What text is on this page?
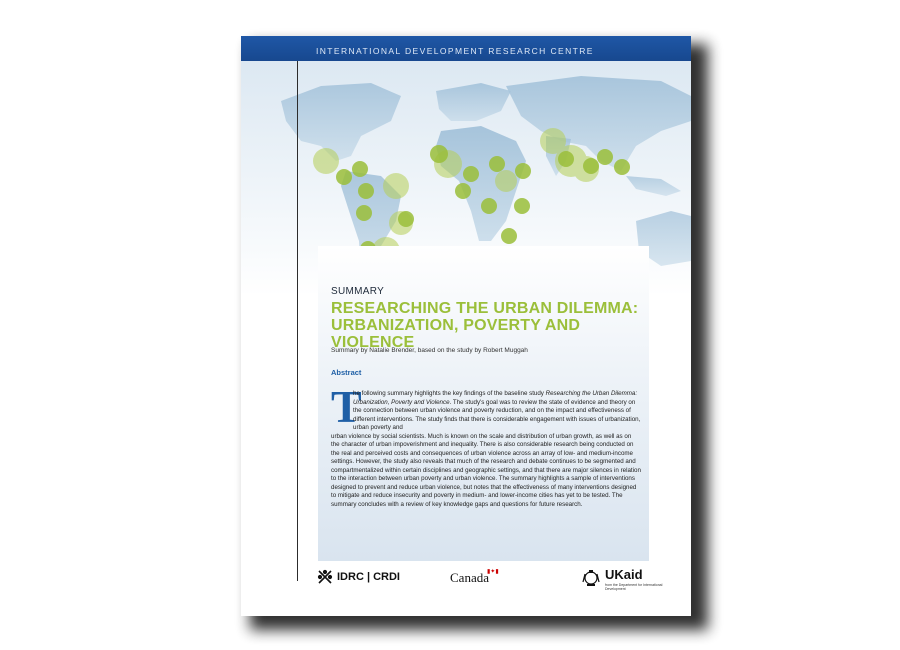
INTERNATIONAL DEVELOPMENT RESEARCH CENTRE
SUMMARY
RESEARCHING THE URBAN DILEMMA:
URBANIZATION, POVERTY AND VIOLENCE
Summary by Natalie Brender, based on the study by Robert Muggah
Abstract
T
he following summary highlights the key findings of the baseline study Researching the Urban Dilemma: Urbanization, Poverty and Violence. The study's goal was to review the state of evidence and theory on the connection between urban violence and poverty reduction, and on the impact and effectiveness of different interventions. The study finds that there is considerable engagement with issues of urbanization, urban poverty and
urban violence by social scientists. Much is known on the scale and distribution of urban growth, as well as on the character of urban impoverishment and inequality. There is also considerable research being conducted on the real and perceived costs and consequences of urban violence across an array of low- and medium-income settings. However, the study also reveals that much of the research and debate continues to be segmented and compartmentalized within certain disciplines and geographic settings, and that there are major silences in relation to the interaction between urban poverty and urban violence. The summary highlights a sample of interventions designed to prevent and reduce urban violence, but notes that the effectiveness of many interventions designed to mitigate and reduce insecurity and poverty in medium- and lower-income cities has yet to be tested. The summary concludes with a review of key knowledge gaps and questions for future research.
IDRC | CRDI	Canada
▮✦▮	UKaid
from the Department for International Development
